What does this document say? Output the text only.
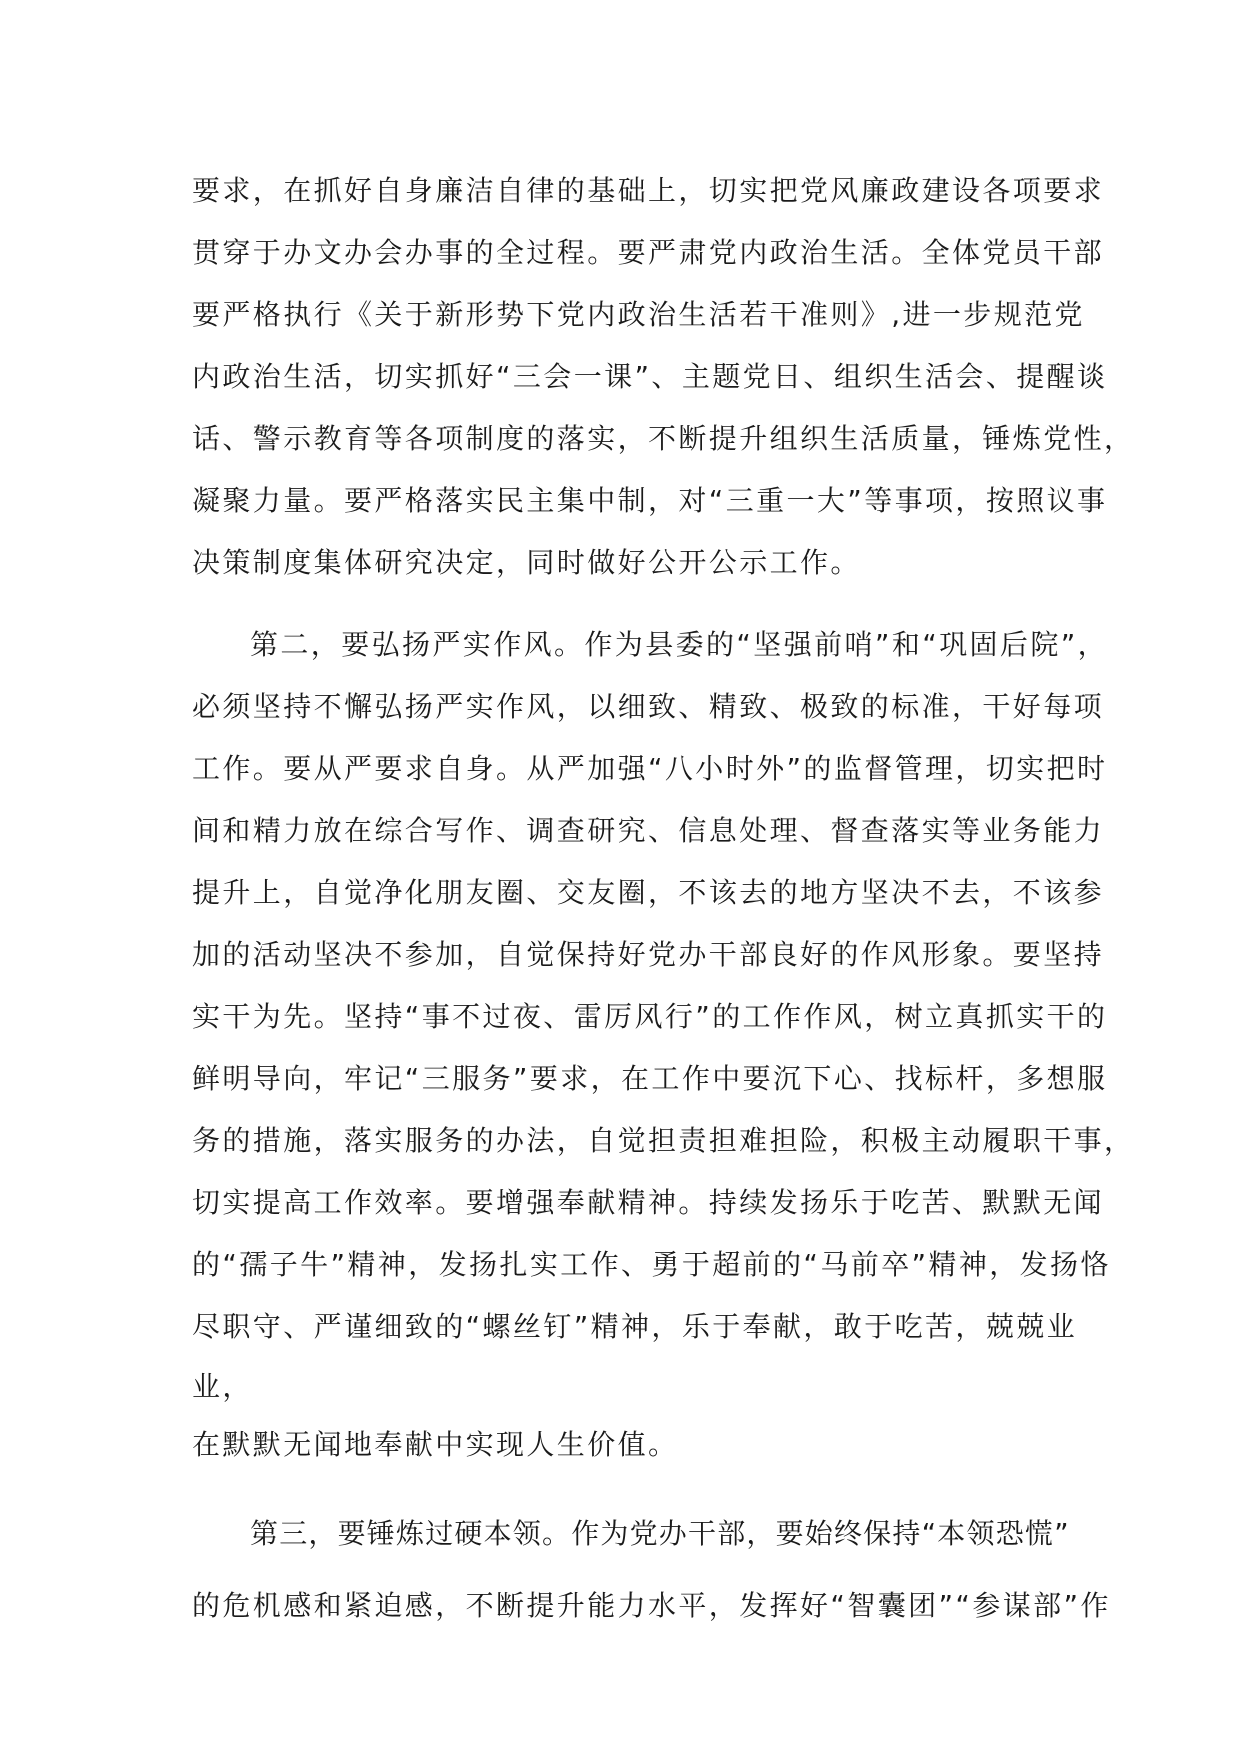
要求，在抓好自身廉洁自律的基础上，切实把党风廉政建设各项要求
贯穿于办文办会办事的全过程。要严肃党内政治生活。全体党员干部
要严格执行《关于新形势下党内政治生活若干准则》,进一步规范党
内政治生活，切实抓好“三会一课”、主题党日、组织生活会、提醒谈
话、警示教育等各项制度的落实，不断提升组织生活质量，锤炼党性，
凝聚力量。要严格落实民主集中制，对“三重一大”等事项，按照议事
决策制度集体研究决定，同时做好公开公示工作。
第二，要弘扬严实作风。作为县委的“坚强前哨”和“巩固后院”，
必须坚持不懈弘扬严实作风，以细致、精致、极致的标准，干好每项
工作。要从严要求自身。从严加强“八小时外”的监督管理，切实把时
间和精力放在综合写作、调查研究、信息处理、督查落实等业务能力
提升上，自觉净化朋友圈、交友圈，不该去的地方坚决不去，不该参
加的活动坚决不参加，自觉保持好党办干部良好的作风形象。要坚持
实干为先。坚持“事不过夜、雷厉风行”的工作作风，树立真抓实干的
鲜明导向，牢记“三服务”要求，在工作中要沉下心、找标杆，多想服
务的措施，落实服务的办法，自觉担责担难担险，积极主动履职干事，
切实提高工作效率。要增强奉献精神。持续发扬乐于吃苦、默默无闻
的“孺子牛”精神，发扬扎实工作、勇于超前的“马前卒”精神，发扬恪
尽职守、严谨细致的“螺丝钉”精神，乐于奉献，敢于吃苦，兢兢业
业，
在默默无闻地奉献中实现人生价值。
第三，要锤炼过硬本领。作为党办干部，要始终保持“本领恐慌”
的危机感和紧迫感，不断提升能力水平，发挥好“智囊团”“参谋部”作
